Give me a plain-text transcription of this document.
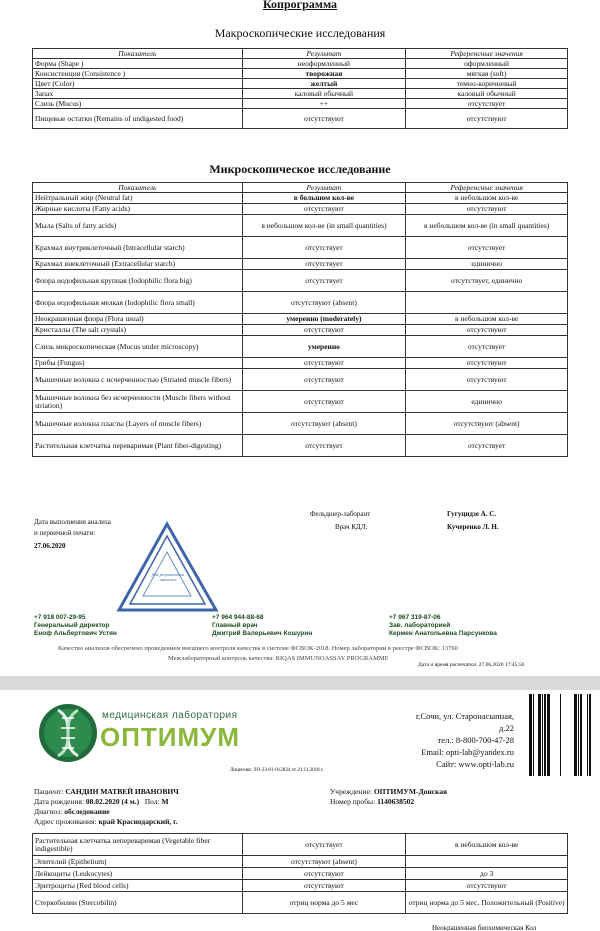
Копрограмма
Макроскопические исследования
Показатель	Результат	Референсные значения
Форма (Shape )	неоформленный	оформленный
Консистенция (Consistence )	творожная	мягкая (soft)
Цвет (Color)	желтый	темно-коричневый
Запах	каловый обычный	каловый обычный
Слизь (Mucus)	++	отсутствует
Пищевые остатки (Remains of undigested food)	отсутствуют	отсутствуют
Микроскопическое исследование
Показатель	Результат	Референсные значения
Нейтральный жир (Neutral fat)	в большом кол-ве	в небольшом кол-ве
Жирные кислоты (Fatty acids)	отсутствуют	отсутствуют
Мыла (Salts of fatty acids)	в небольшом кол-ве (in small quantities)	в небольшом кол-ве (in small quantities)
Крахмал внутриклеточный (Intracellular starch)	отсутствует	отсутствует
Крахмал внеклеточный (Extracellular starch)	отсутствует	единично
Флора иодофильная крупная (Iodophilic flora big)	отсутствует	отсутствует, единично
Флора иодофильная мелкая (Iodophilic flora small)	отсутствуют (absent)	
Неокрашенная флора (Flora usual)	умеренно (moderately)	в небольшом кол-ве
Кристаллы (The salt crystals)	отсутствуют	отсутствуют
Слизь микроскопическая (Mucus under microscopy)	умеренно	отсутствует
Грибы (Fungus)	отсутствуют	отсутствуют
Мышечные волокна с исчерченностью (Striated muscle fibers)	отсутствуют	отсутствуют
Мышечные волокна без исчерченности (Muscle fibers without striation)	отсутствуют	единично
Мышечные волокна пласты (Layers of muscle fibers)	отсутствуют (absent)	отсутствуют (absent)
Растительная клетчатка переваримая (Plant fiber-digesting)	отсутствует	отсутствует
Фельдшер-лаборант	Гугуцидзе А. С.
Врач КДЛ:	Кучеренко Л. Н.
Дата выполнения анализа
и первичной печати:
27.06.2020
Для результатов анализов
+7 918 007-29-95
Генеральный директор
Еноф Альбертович Устян
+7 964 944-88-68
Главный врач
Дмитрий Валерьевич Кошурин
+7 967 319-87-06
Зав. лабораторией
Кермен Анатольевна Парсункова
Качество анализов обеспечено проведением внешнего контроля качества в системе ФСВОК-2018. Номер лаборатории в реестре ФСВОК: 13760
Межлабораторный контроль качества: RIQAS IMMUNOASSAY PROGRAMME
Дата и время распечатки: 27.06.2020 17:45:56
медицинская лаборатория
ОПТИМУМ
Лицензия: ЛО-23-01-012834 от 21.11.2018 г.
г.Сочи, ул. Старонасыпная,
д.22
тел.: 8-800-700-47-28
Email: opti-lab@yandex.ru
Сайт: www.opti-lab.ru
Пациент: САНДИН МАТВЕЙ ИВАНОВИЧ
Дата рождения: 08.02.2020 (4 м.) Пол: М
Диагноз: обследование
Адрес проживания: край Краснодарский, г.
Учреждение: ОПТИМУМ-Донская
Номер пробы: 1140638502
Растительная клетчатка непереваримая (Vegetable fiber indigestible)	отсутствует	в небольшом кол-ве
Эпителий (Epithelium)	отсутствуют (absent)	
Лейкоциты (Leukocytes)	отсутствуют	до 3
Эритроциты (Red blood cells)	отсутствуют	отсутствуют
Стеркобилин (Stercobilin)	отриц норма до 5 мес	отриц норма до 5 мес, Положительный (Positive)
Неокрашенная биохимическая Кол
